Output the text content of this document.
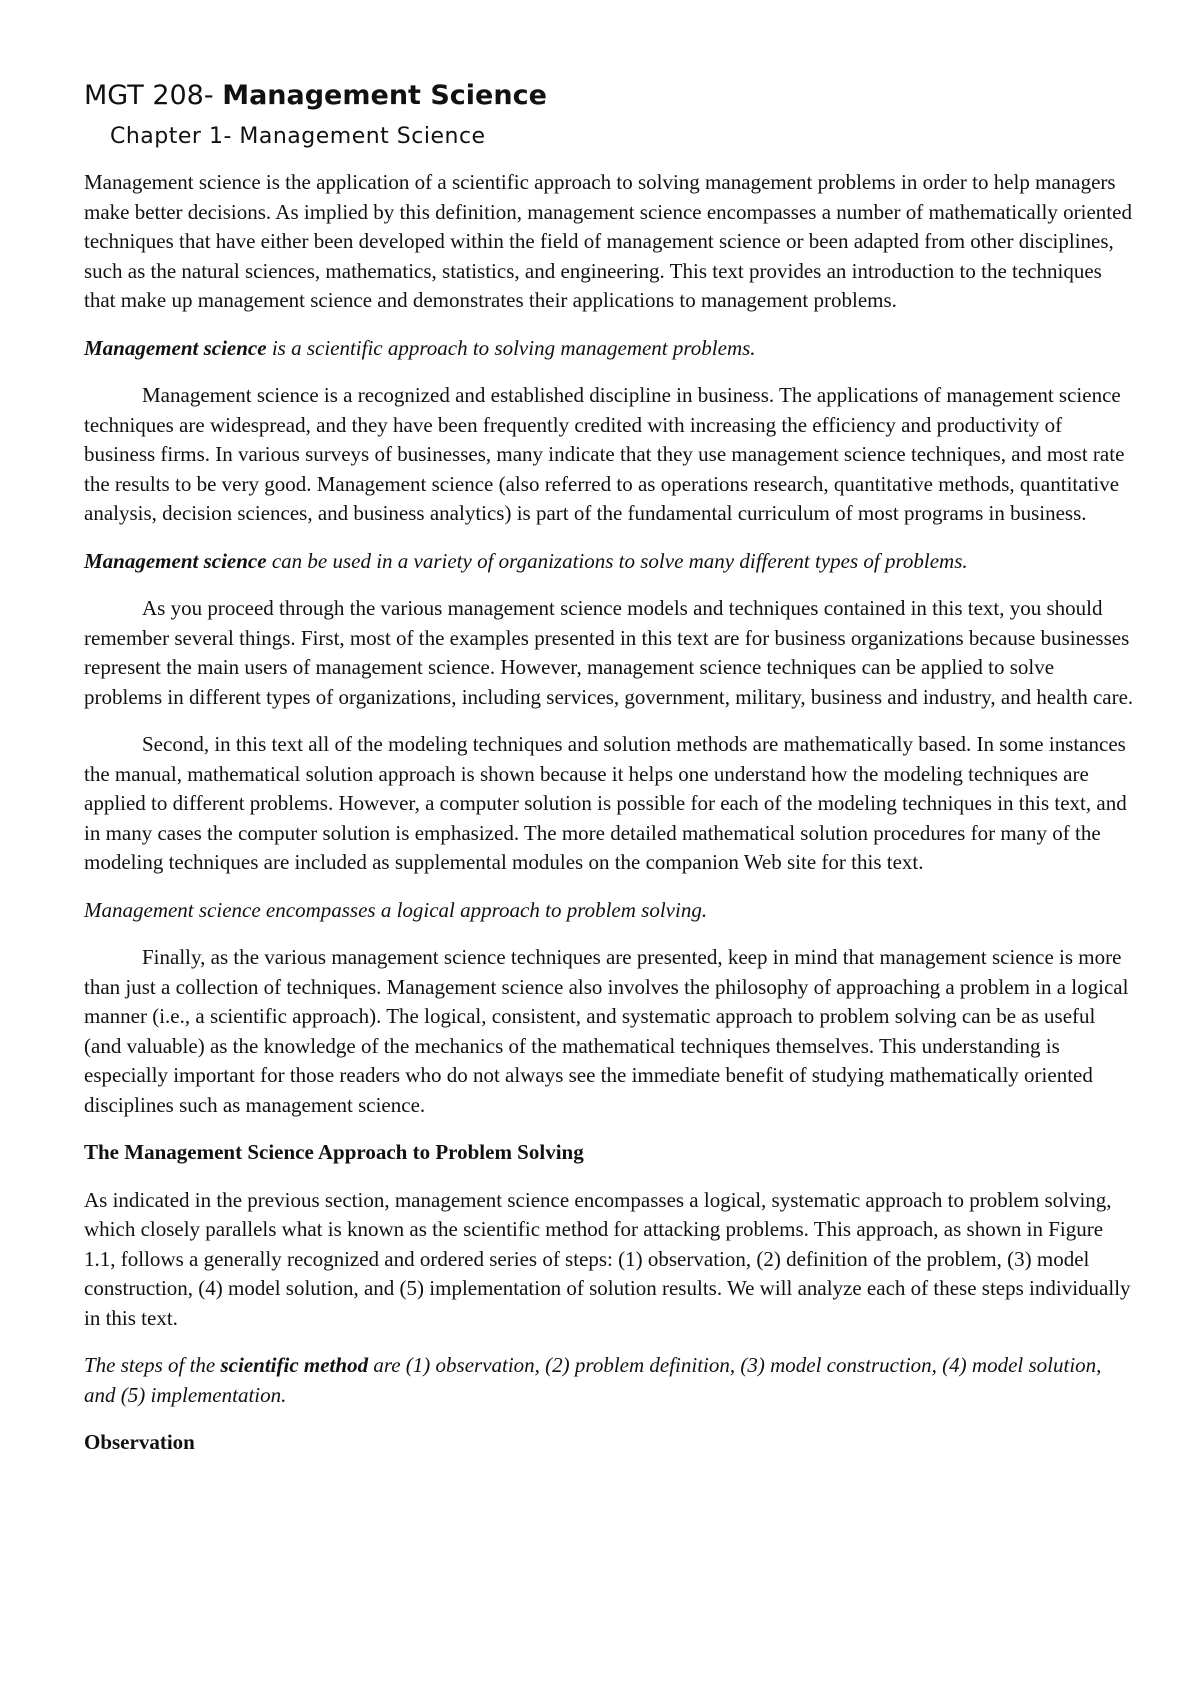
MGT 208- Management Science
Chapter 1- Management Science

Management science is the application of a scientific approach to solving management problems in order to help managers make better decisions. As implied by this definition, management science encompasses a number of mathematically oriented techniques that have either been developed within the field of management science or been adapted from other disciplines, such as the natural sciences, mathematics, statistics, and engineering. This text provides an introduction to the techniques that make up management science and demonstrates their applications to management problems.

Management science is a scientific approach to solving management problems.

Management science is a recognized and established discipline in business. The applications of management science techniques are widespread, and they have been frequently credited with increasing the efficiency and productivity of business firms. In various surveys of businesses, many indicate that they use management science techniques, and most rate the results to be very good. Management science (also referred to as operations research, quantitative methods, quantitative analysis, decision sciences, and business analytics) is part of the fundamental curriculum of most programs in business.

Management science can be used in a variety of organizations to solve many different types of problems.

As you proceed through the various management science models and techniques contained in this text, you should remember several things. First, most of the examples presented in this text are for business organizations because businesses represent the main users of management science. However, management science techniques can be applied to solve problems in different types of organizations, including services, government, military, business and industry, and health care.

Second, in this text all of the modeling techniques and solution methods are mathematically based. In some instances the manual, mathematical solution approach is shown because it helps one understand how the modeling techniques are applied to different problems. However, a computer solution is possible for each of the modeling techniques in this text, and in many cases the computer solution is emphasized. The more detailed mathematical solution procedures for many of the modeling techniques are included as supplemental modules on the companion Web site for this text.

Management science encompasses a logical approach to problem solving.

Finally, as the various management science techniques are presented, keep in mind that management science is more than just a collection of techniques. Management science also involves the philosophy of approaching a problem in a logical manner (i.e., a scientific approach). The logical, consistent, and systematic approach to problem solving can be as useful (and valuable) as the knowledge of the mechanics of the mathematical techniques themselves. This understanding is especially important for those readers who do not always see the immediate benefit of studying mathematically oriented disciplines such as management science.

The Management Science Approach to Problem Solving

As indicated in the previous section, management science encompasses a logical, systematic approach to problem solving, which closely parallels what is known as the scientific method for attacking problems. This approach, as shown in Figure 1.1, follows a generally recognized and ordered series of steps: (1) observation, (2) definition of the problem, (3) model construction, (4) model solution, and (5) implementation of solution results. We will analyze each of these steps individually in this text.

The steps of the scientific method are (1) observation, (2) problem definition, (3) model construction, (4) model solution, and (5) implementation.
Observation
